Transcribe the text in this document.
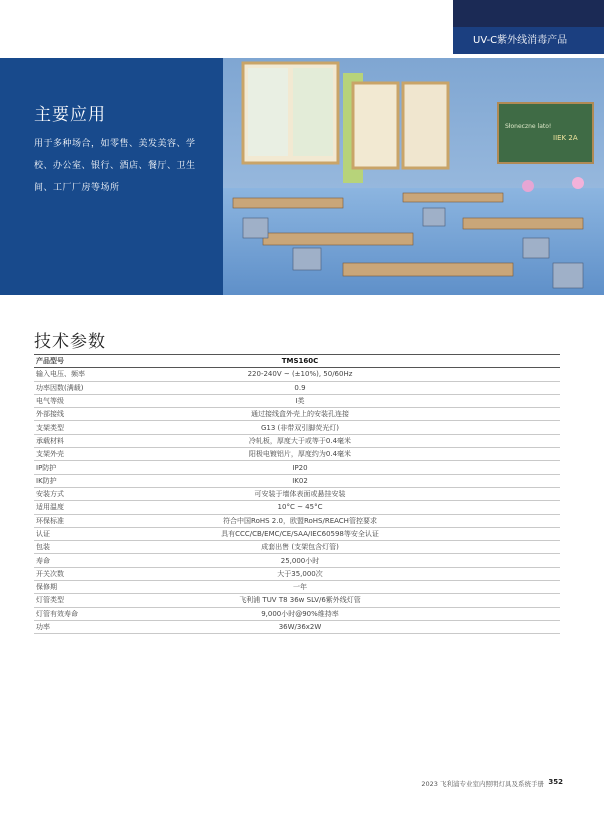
UV-C紫外线消毒产品
主要应用
用于多种场合，如零售、美发美容、学校、办公室、银行、酒店、餐厅、卫生间、工厂厂房等场所
Słoneczne lato!
IIEK 2A
技术参数
产品型号	TMS160C
输入电压、频率	220-240V ~ (±10%), 50/60Hz
功率因数(满载)	0.9
电气等级	I类
外部接线	通过接线盒外壳上的安装孔连接
支架类型	G13 (非带双引脚荧光灯)
承载材料	冷轧板，厚度大于或等于0.4毫米
支架外壳	阳极电镀铝片，厚度约为0.4毫米
IP防护	IP20
IK防护	IK02
安装方式	可安装于墙体表面或悬挂安装
适用温度	10°C ~ 45°C
环保标准	符合中国RoHS 2.0，欧盟RoHS/REACH管控要求
认证	具有CCC/CB/EMC/CE/SAA/IEC60598等安全认证
包装	成套出售 (支架包含灯管)
寿命	25,000小时
开关次数	大于35,000次
保修期	一年
灯管类型	飞利浦 TUV T8 36w SLV/6紫外线灯管
灯管有效寿命	9,000小时@90%维持率
功率	36W/36x2W
2023 飞利浦专业室内照明灯具及系统手册 352
